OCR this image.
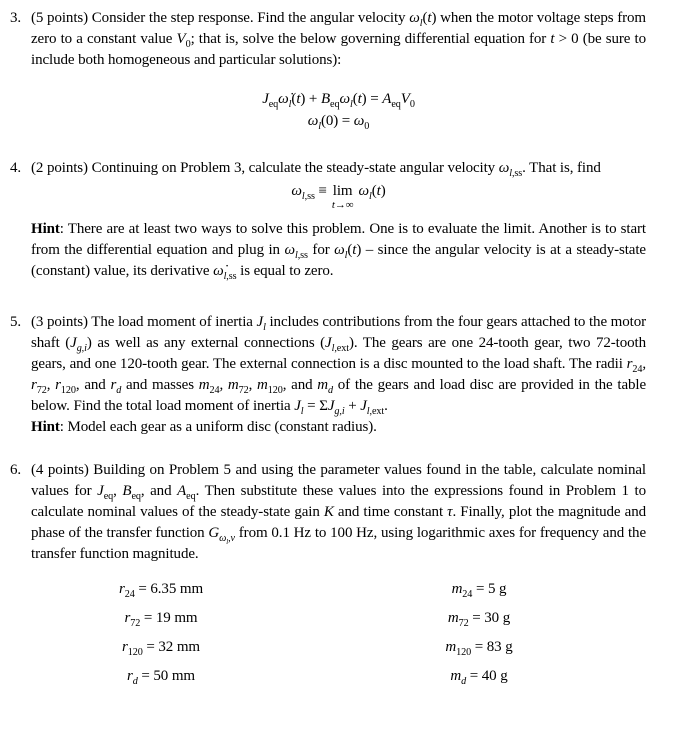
3. (5 points) Consider the step response. Find the angular velocity $\omega_l(t)$ when the motor voltage steps from zero to a constant value $V_0$; that is, solve the below governing differential equation for t > 0 (be sure to include both homogeneous and particular solutions):

$J_{eq}\omegȧ_l(t) + B_{eq}\omega_l(t) = A_{eq}V_0$
$\omega_l(0) = \omega_0$
4. (2 points) Continuing on Problem 3, calculate the steady-state angular velocity $\omega_{l,ss}$. That is, find

$\omega_{l,ss} \equiv \lim$
t→∞
$\omega_l(t)$

Hint: There are at least two ways to solve this problem. One is to evaluate the limit. Another is to start from the differential equation and plug in $\omega_{l,ss}$ for $\omega_l(t)$ – since the angular velocity is at a steady-state (constant) value, its derivative $\omegȧ_{l,ss}$ is equal to zero.

5. (3 points) The load moment of inertia $J_l$ includes contributions from the four gears attached to the motor shaft $(J_{g,i})$ as well as any external connections $(J_{l,ext})$. The gears are one 24-tooth gear, two 72-tooth gears, and one 120-tooth gear. The external connection is a disc mounted to the load shaft. The radii $r_{24}$, $r_{72}$, $r_{120}$, and $r_d$ and masses $m_{24}$, $m_{72}$, $m_{120}$, and $m_d$ of the gears and load disc are provided in the table below. Find the total load moment of inertia $J_l = \Sigma J_{g,i} + J_{l,ext}$.

Hint: Model each gear as a uniform disc (constant radius).

6. (4 points) Building on Problem 5 and using the parameter values found in the table, calculate nominal values for $J_{eq}$, $B_{eq}$, and $A_{eq}$. Then substitute these values into the expressions found in Problem 1 to calculate nominal values of the steady-state gain K and time constant τ. Finally, plot the magnitude and phase of the transfer function $G_{\omega_l,v}$ from 0.1 Hz to 100 Hz, using logarithmic axes for frequency and the transfer function magnitude.

$r_{24} = 6.35$ mm
$r_{72} = 19$ mm
$r_{120} = 32$ mm
$r_d = 50$ mm
$m_{24} = 5$ g
$m_{72} = 30$ g
$m_{120} = 83$ g
$m_d = 40$ g
